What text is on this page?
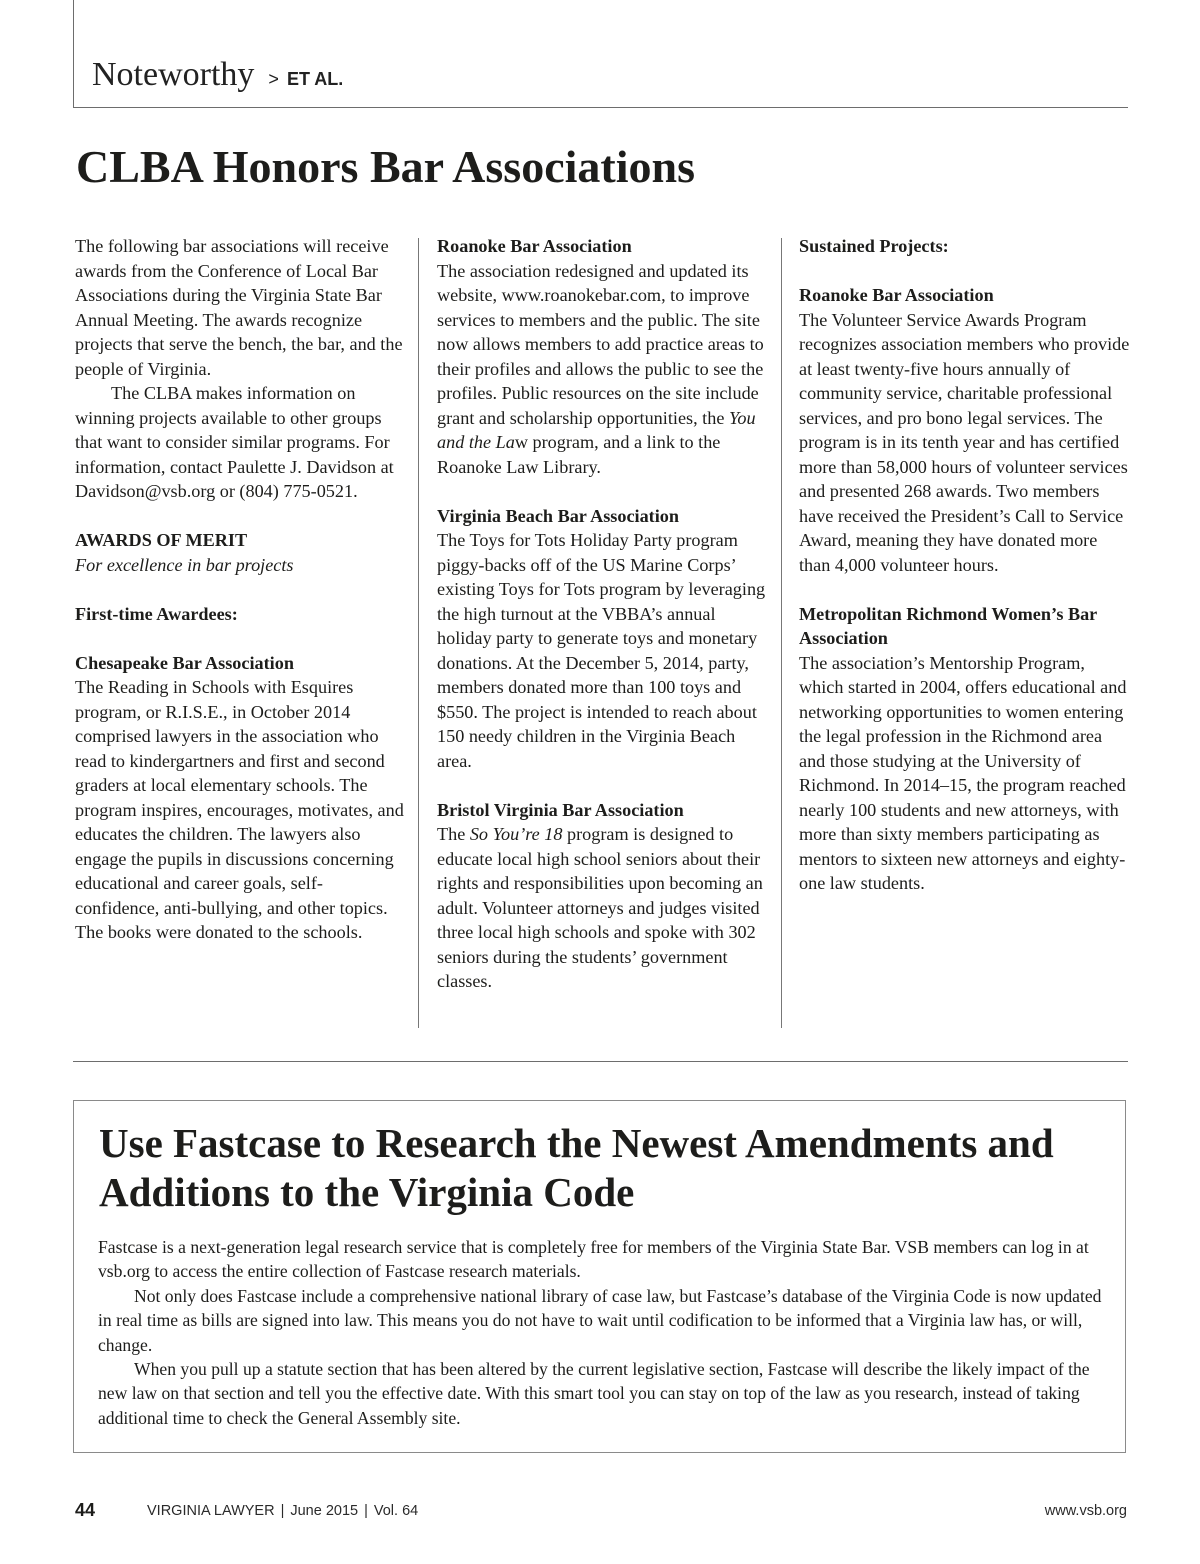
Noteworthy > ET AL.
CLBA Honors Bar Associations

The following bar associations will receive awards from the Conference of Local Bar Associations during the Virginia State Bar Annual Meeting. The awards recognize projects that serve the bench, the bar, and the people of Virginia.

The CLBA makes information on winning projects available to other groups that want to consider similar programs. For information, contact Paulette J. Davidson at Davidson@vsb.org or (804) 775-0521.

AWARDS OF MERIT

For excellence in bar projects

First-time Awardees:

Chesapeake Bar Association

The Reading in Schools with Esquires program, or R.I.S.E., in October 2014 comprised lawyers in the association who read to kindergartners and first and second graders at local elementary schools. The program inspires, encourages, motivates, and educates the children. The lawyers also engage the pupils in discussions concerning educational and career goals, self-confidence, anti-bullying, and other topics. The books were donated to the schools.

Roanoke Bar Association

The association redesigned and updated its website, www.roanokebar.com, to improve services to members and the public. The site now allows members to add practice areas to their profiles and allows the public to see the profiles. Public resources on the site include grant and scholarship opportunities, the You and the Law program, and a link to the Roanoke Law Library.

Virginia Beach Bar Association

The Toys for Tots Holiday Party program piggy-backs off of the US Marine Corps’ existing Toys for Tots program by leveraging the high turnout at the VBBA’s annual holiday party to generate toys and monetary donations. At the December 5, 2014, party, members donated more than 100 toys and $550. The project is intended to reach about 150 needy children in the Virginia Beach area.

Bristol Virginia Bar Association

The So You’re 18 program is designed to educate local high school seniors about their rights and responsibilities upon becoming an adult. Volunteer attorneys and judges visited three local high schools and spoke with 302 seniors during the students’ government classes.

Sustained Projects:

Roanoke Bar Association

The Volunteer Service Awards Program recognizes association members who provide at least twenty-five hours annually of community service, charitable professional services, and pro bono legal services. The program is in its tenth year and has certified more than 58,000 hours of volunteer services and presented 268 awards. Two members have received the President’s Call to Service Award, meaning they have donated more than 4,000 volunteer hours.

Metropolitan Richmond Women’s Bar Association

The association’s Mentorship Program, which started in 2004, offers educational and networking opportunities to women entering the legal profession in the Richmond area and those studying at the University of Richmond. In 2014–15, the program reached nearly 100 students and new attorneys, with more than sixty members participating as mentors to sixteen new attorneys and eighty-one law students.

Use Fastcase to Research the Newest Amendments and Additions to the Virginia Code

Fastcase is a next-generation legal research service that is completely free for members of the Virginia State Bar. VSB members can log in at vsb.org to access the entire collection of Fastcase research materials.

Not only does Fastcase include a comprehensive national library of case law, but Fastcase’s database of the Virginia Code is now updated in real time as bills are signed into law. This means you do not have to wait until codification to be informed that a Virginia law has, or will, change.

When you pull up a statute section that has been altered by the current legislative section, Fastcase will describe the likely impact of the new law on that section and tell you the effective date. With this smart tool you can stay on top of the law as you research, instead of taking additional time to check the General Assembly site.

44	VIRGINIA LAWYER | June 2015 | Vol. 64	www.vsb.org
